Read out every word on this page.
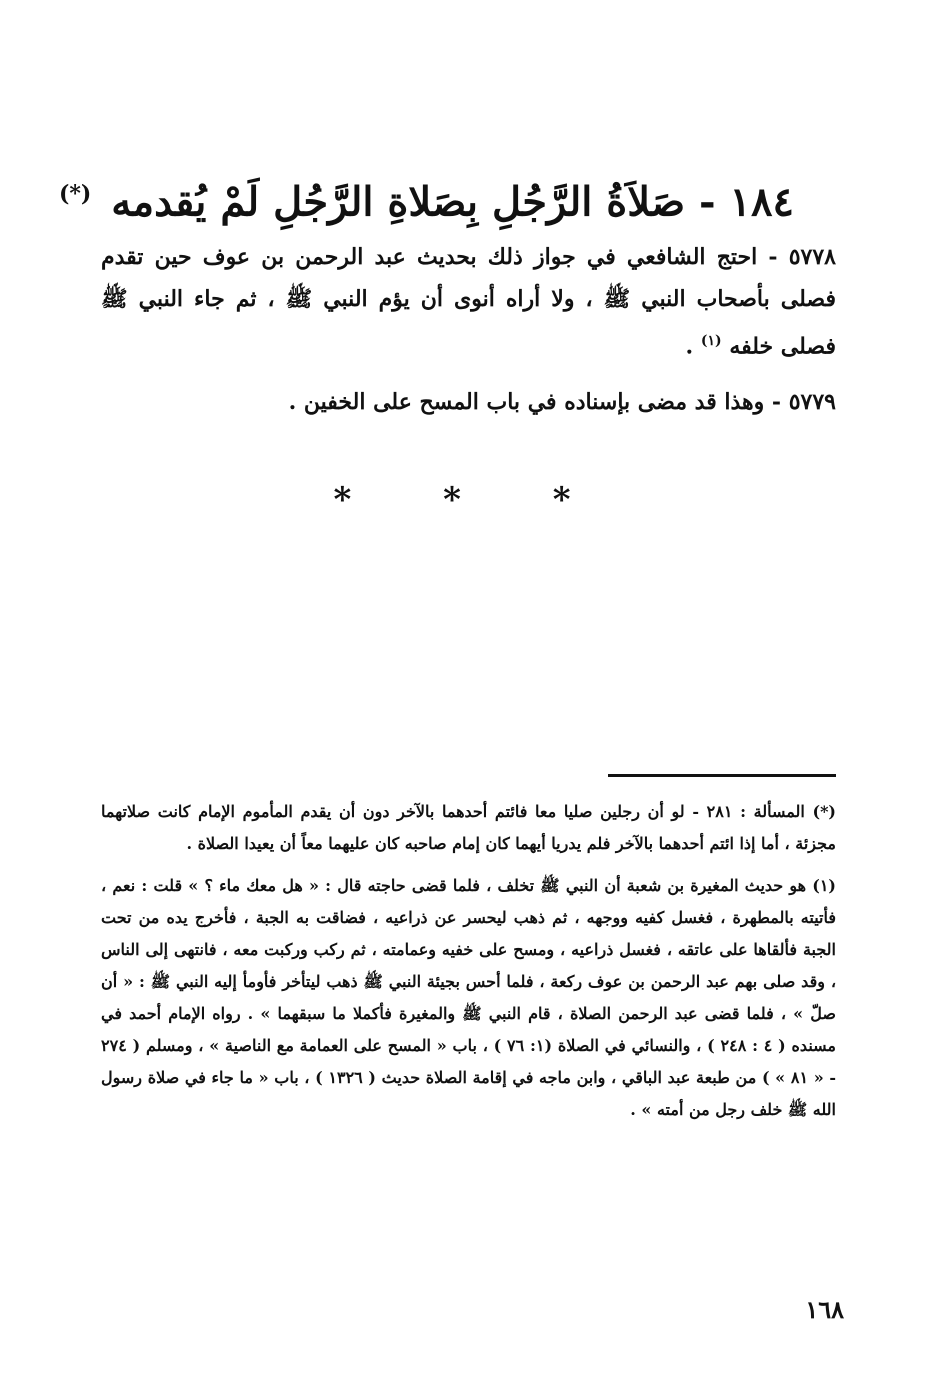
١٨٤ - صَلاَةُ الرَّجُلِ بِصَلاةِ الرَّجُلِ لَمْ يُقدمه (*)

٥٧٧٨ - احتج الشافعي في جواز ذلك بحديث عبد الرحمن بن عوف حين تقدم فصلى بأصحاب النبي ﷺ ، ولا أراه أنوى أن يؤم النبي ﷺ ، ثم جاء النبي ﷺ فصلى خلفه $^{(١)}$ .

٥٧٧٩ - وهذا قد مضى بإسناده في باب المسح على الخفين .

* * *

(*) المسألة : ٢٨١ - لو أن رجلين صليا معا فائتم أحدهما بالآخر دون أن يقدم المأموم الإمام كانت صلاتهما مجزئة ، أما إذا ائتم أحدهما بالآخر فلم يدريا أيهما كان إمام صاحبه كان عليهما معاً أن يعيدا الصلاة .

(١) هو حديث المغيرة بن شعبة أن النبي ﷺ تخلف ، فلما قضى حاجته قال : « هل معك ماء ؟ » قلت : نعم ، فأتيته بالمطهرة ، فغسل كفيه ووجهه ، ثم ذهب ليحسر عن ذراعيه ، فضاقت به الجبة ، فأخرج يده من تحت الجبة فألقاها على عاتقه ، فغسل ذراعيه ، ومسح على خفيه وعمامته ، ثم ركب وركبت معه ، فانتهى إلى الناس ، وقد صلى بهم عبد الرحمن بن عوف ركعة ، فلما أحس بجيئة النبي ﷺ ذهب ليتأخر فأومأ إليه النبي ﷺ : « أن صلّ » ، فلما قضى عبد الرحمن الصلاة ، قام النبي ﷺ والمغيرة فأكملا ما سبقهما » . رواه الإمام أحمد في مسنده ( ٤ : ٢٤٨ ) ، والنسائي في الصلاة (١: ٧٦ ) ، باب « المسح على العمامة مع الناصية » ، ومسلم ( ٢٧٤ - « ٨١ » ) من طبعة عبد الباقي ، وابن ماجه في إقامة الصلاة حديث ( ١٣٢٦ ) ، باب « ما جاء في صلاة رسول الله ﷺ خلف رجل من أمته » .

١٦٨
